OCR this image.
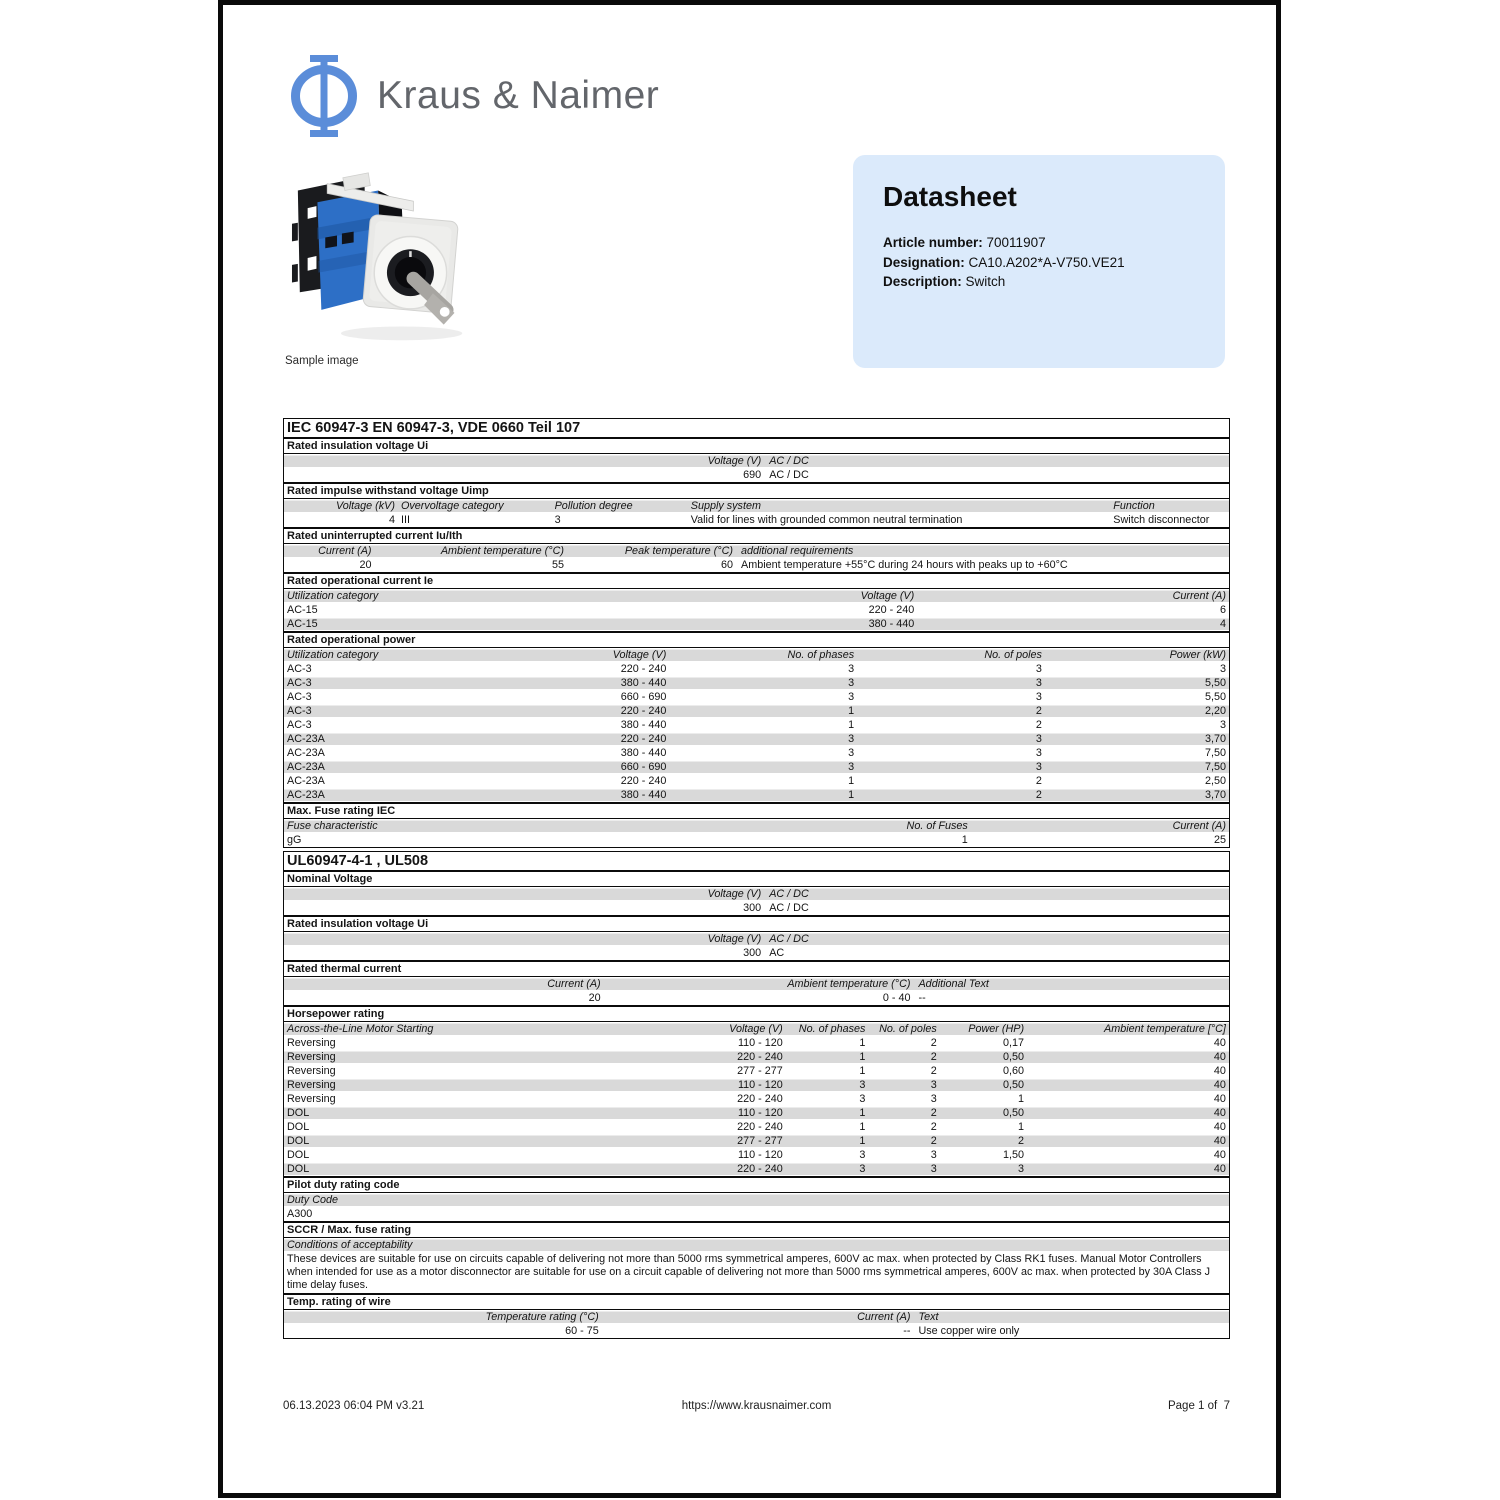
Kraus & Naimer
Sample image
Datasheet
Article number: 70011907
Designation: CA10.A202*A-V750.VE21
Description: Switch
IEC 60947-3 EN 60947-3, VDE 0660 Teil 107
Rated insulation voltage Ui
Voltage (V) AC / DC
690 AC / DC
Rated impulse withstand voltage Uimp
Voltage (kV) Overvoltage category	Pollution degree	Supply system	Function
4 III	3	Valid for lines with grounded common neutral termination	Switch disconnector
Rated uninterrupted current Iu/Ith
Current (A)	Ambient temperature (°C)	Peak temperature (°C) additional requirements
20	55	60 Ambient temperature +55°C during 24 hours with peaks up to +60°C
Rated operational current Ie
Utilization category	Voltage (V)	Current (A)
AC-15	220 - 240	6
AC-15	380 - 440	4
Rated operational power
Utilization category	Voltage (V)	No. of phases	No. of poles	Power (kW)
AC-3	220 - 240	3	3	3
AC-3	380 - 440	3	3	5,50
AC-3	660 - 690	3	3	5,50
AC-3	220 - 240	1	2	2,20
AC-3	380 - 440	1	2	3
AC-23A	220 - 240	3	3	3,70
AC-23A	380 - 440	3	3	7,50
AC-23A	660 - 690	3	3	7,50
AC-23A	220 - 240	1	2	2,50
AC-23A	380 - 440	1	2	3,70
Max. Fuse rating IEC
Fuse characteristic	No. of Fuses	Current (A)
gG	1	25
UL60947-4-1 , UL508
Nominal Voltage
Voltage (V) AC / DC
300 AC / DC
Rated insulation voltage Ui
Voltage (V) AC / DC
300 AC
Rated thermal current
Current (A)	Ambient temperature (°C) Additional Text
20	0 - 40 --
Horsepower rating
Across-the-Line Motor Starting	Voltage (V)	No. of phases	No. of poles	Power (HP)	Ambient temperature [°C]
Reversing	110 - 120	1	2	0,17	40
Reversing	220 - 240	1	2	0,50	40
Reversing	277 - 277	1	2	0,60	40
Reversing	110 - 120	3	3	0,50	40
Reversing	220 - 240	3	3	1	40
DOL	110 - 120	1	2	0,50	40
DOL	220 - 240	1	2	1	40
DOL	277 - 277	1	2	2	40
DOL	110 - 120	3	3	1,50	40
DOL	220 - 240	3	3	3	40
Pilot duty rating code
Duty Code
A300
SCCR / Max. fuse rating
Conditions of acceptability
These devices are suitable for use on circuits capable of delivering not more than 5000 rms symmetrical amperes, 600V ac max. when protected by Class RK1 fuses. Manual Motor Controllers when intended for use as a motor disconnector are suitable for use on a circuit capable of delivering not more than 5000 rms symmetrical amperes, 600V ac max. when protected by 30A Class J time delay fuses.
Temp. rating of wire
Temperature rating (°C)	Current (A) Text
60 - 75	-- Use copper wire only
06.13.2023 06:04 PM v3.21	https://www.krausnaimer.com	Page 1 of  7
